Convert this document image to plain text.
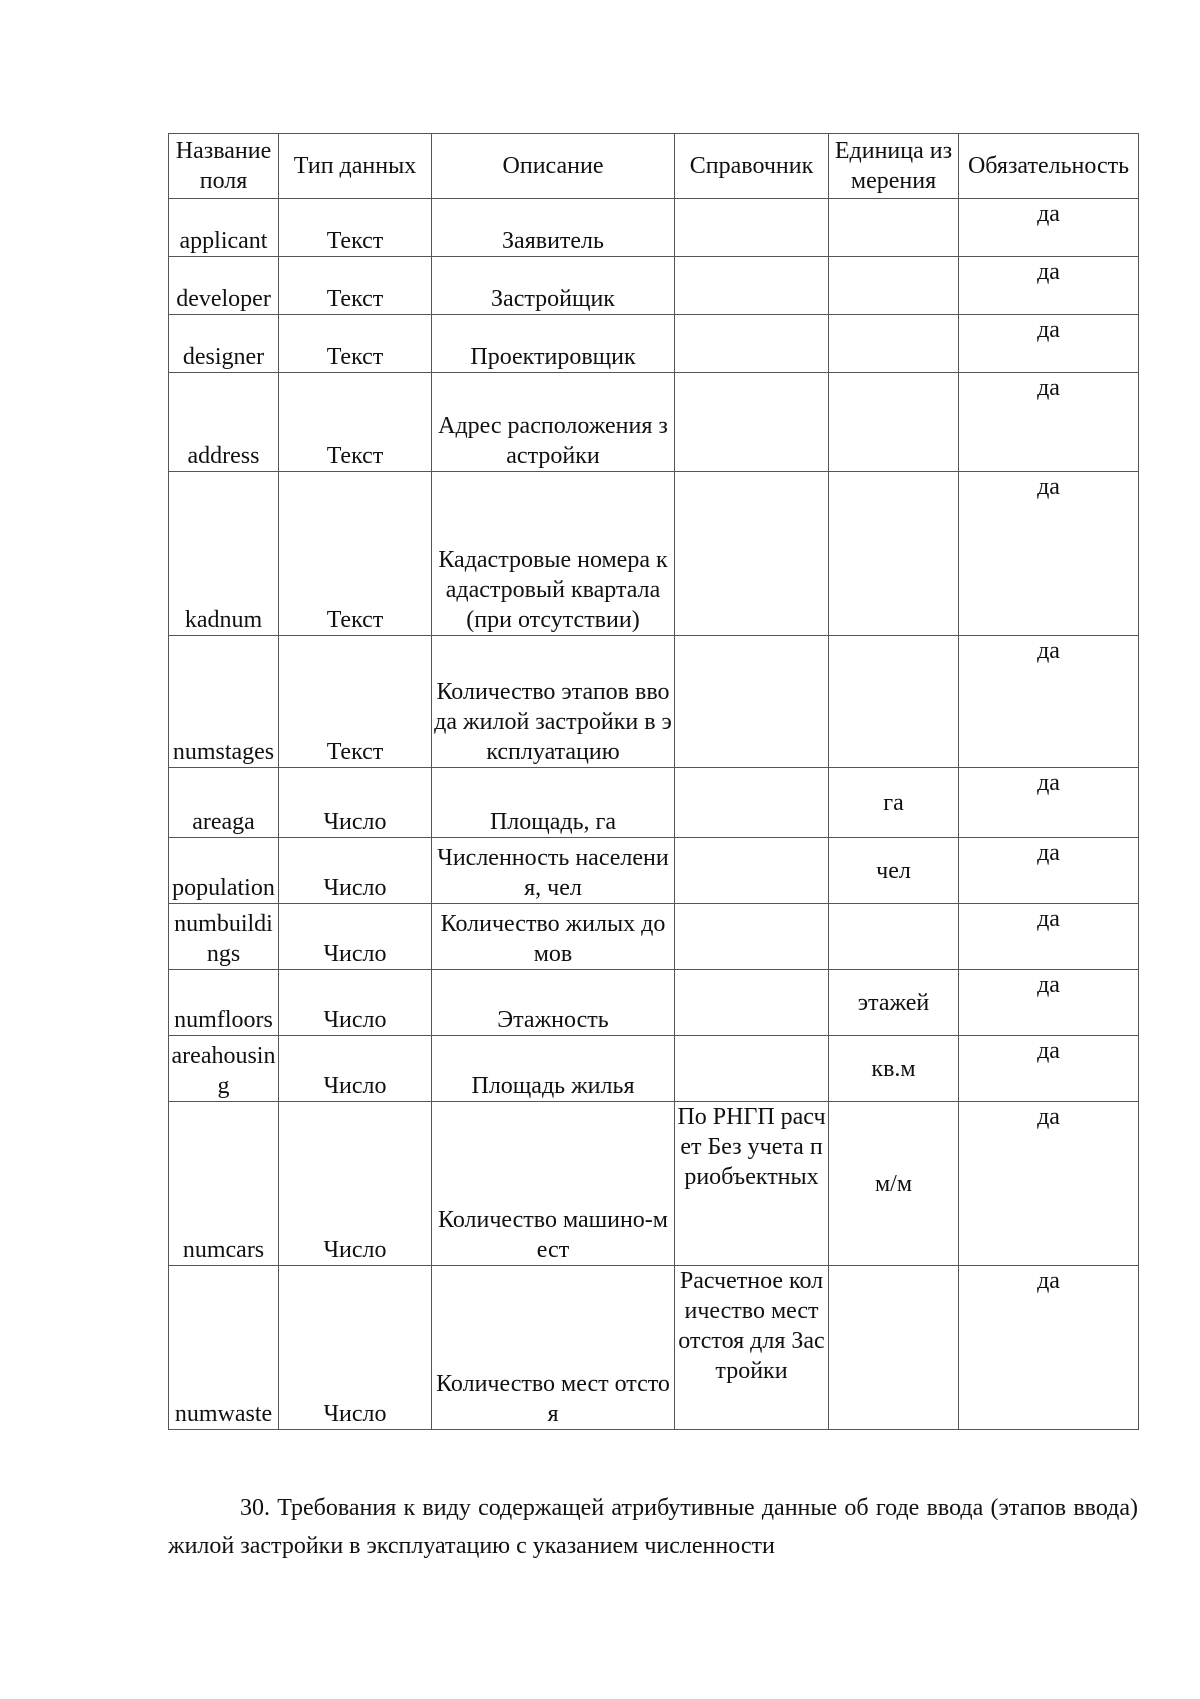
Название поля	Тип данных	Описание	Справочник	Единица измерения	Обязательность
applicant	Текст	Заявитель			да
developer	Текст	Застройщик			да
designer	Текст	Проектировщик			да
address	Текст	Адрес расположения застройки			да
kadnum	Текст	Кадастровые номера кадастровый квартала (при отсутствии)			да
numstages	Текст	Количество этапов ввода жилой застройки в эксплуатацию			да
areaga	Число	Площадь, га		га	да
population	Число	Численность населения, чел		чел	да
numbuildings	Число	Количество жилых домов			да
numfloors	Число	Этажность		этажей	да
areahousing	Число	Площадь жилья		кв.м	да
numcars	Число	Количество машино-мест	По РНГП расчет Без учета приобъектных	м/м	да
numwaste	Число	Количество мест отстоя	Расчетное количество мест отстоя для Застройки		да

30. Требования к виду содержащей атрибутивные данные об годе ввода (этапов ввода) жилой застройки в эксплуатацию с указанием численности
